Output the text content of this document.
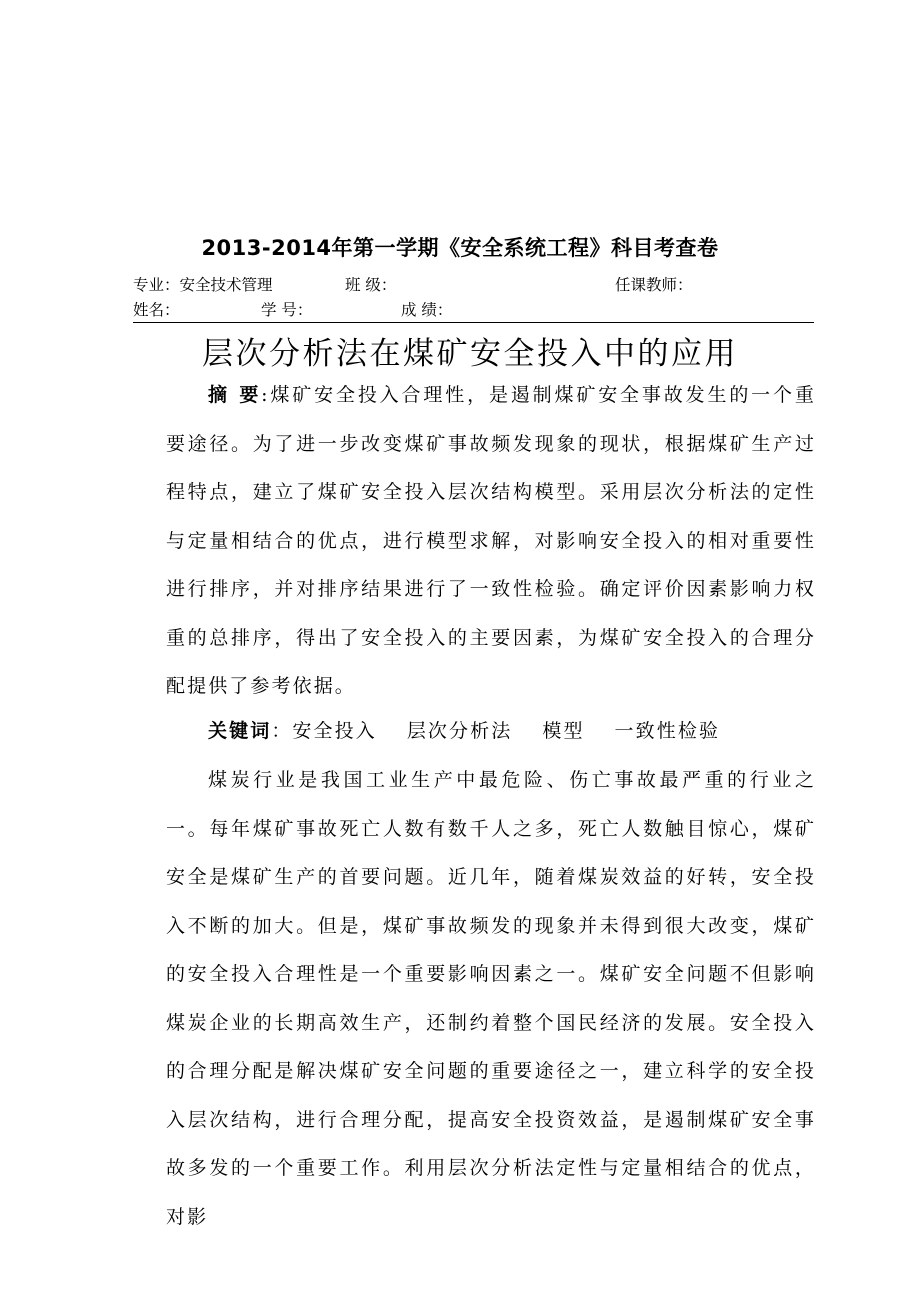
2013-2014年第一学期《安全系统工程》科目考查卷
专业：安全技术管理	班 级：	任课教师：
姓名：	学 号：	成 绩：
层次分析法在煤矿安全投入中的应用
摘 要:煤矿安全投入合理性，是遏制煤矿安全事故发生的一个重要途径。为了进一步改变煤矿事故频发现象的现状，根据煤矿生产过程特点，建立了煤矿安全投入层次结构模型。采用层次分析法的定性与定量相结合的优点，进行模型求解，对影响安全投入的相对重要性进行排序，并对排序结果进行了一致性检验。确定评价因素影响力权重的总排序，得出了安全投入的主要因素，为煤矿安全投入的合理分配提供了参考依据。
关键词：安全投入 层次分析法 模型 一致性检验
煤炭行业是我国工业生产中最危险、伤亡事故最严重的行业之一。每年煤矿事故死亡人数有数千人之多，死亡人数触目惊心，煤矿安全是煤矿生产的首要问题。近几年，随着煤炭效益的好转，安全投入不断的加大。但是，煤矿事故频发的现象并未得到很大改变，煤矿的安全投入合理性是一个重要影响因素之一。煤矿安全问题不但影响煤炭企业的长期高效生产，还制约着整个国民经济的发展。安全投入的合理分配是解决煤矿安全问题的重要途径之一，建立科学的安全投入层次结构，进行合理分配，提高安全投资效益，是遏制煤矿安全事故多发的一个重要工作。利用层次分析法定性与定量相结合的优点，对影
